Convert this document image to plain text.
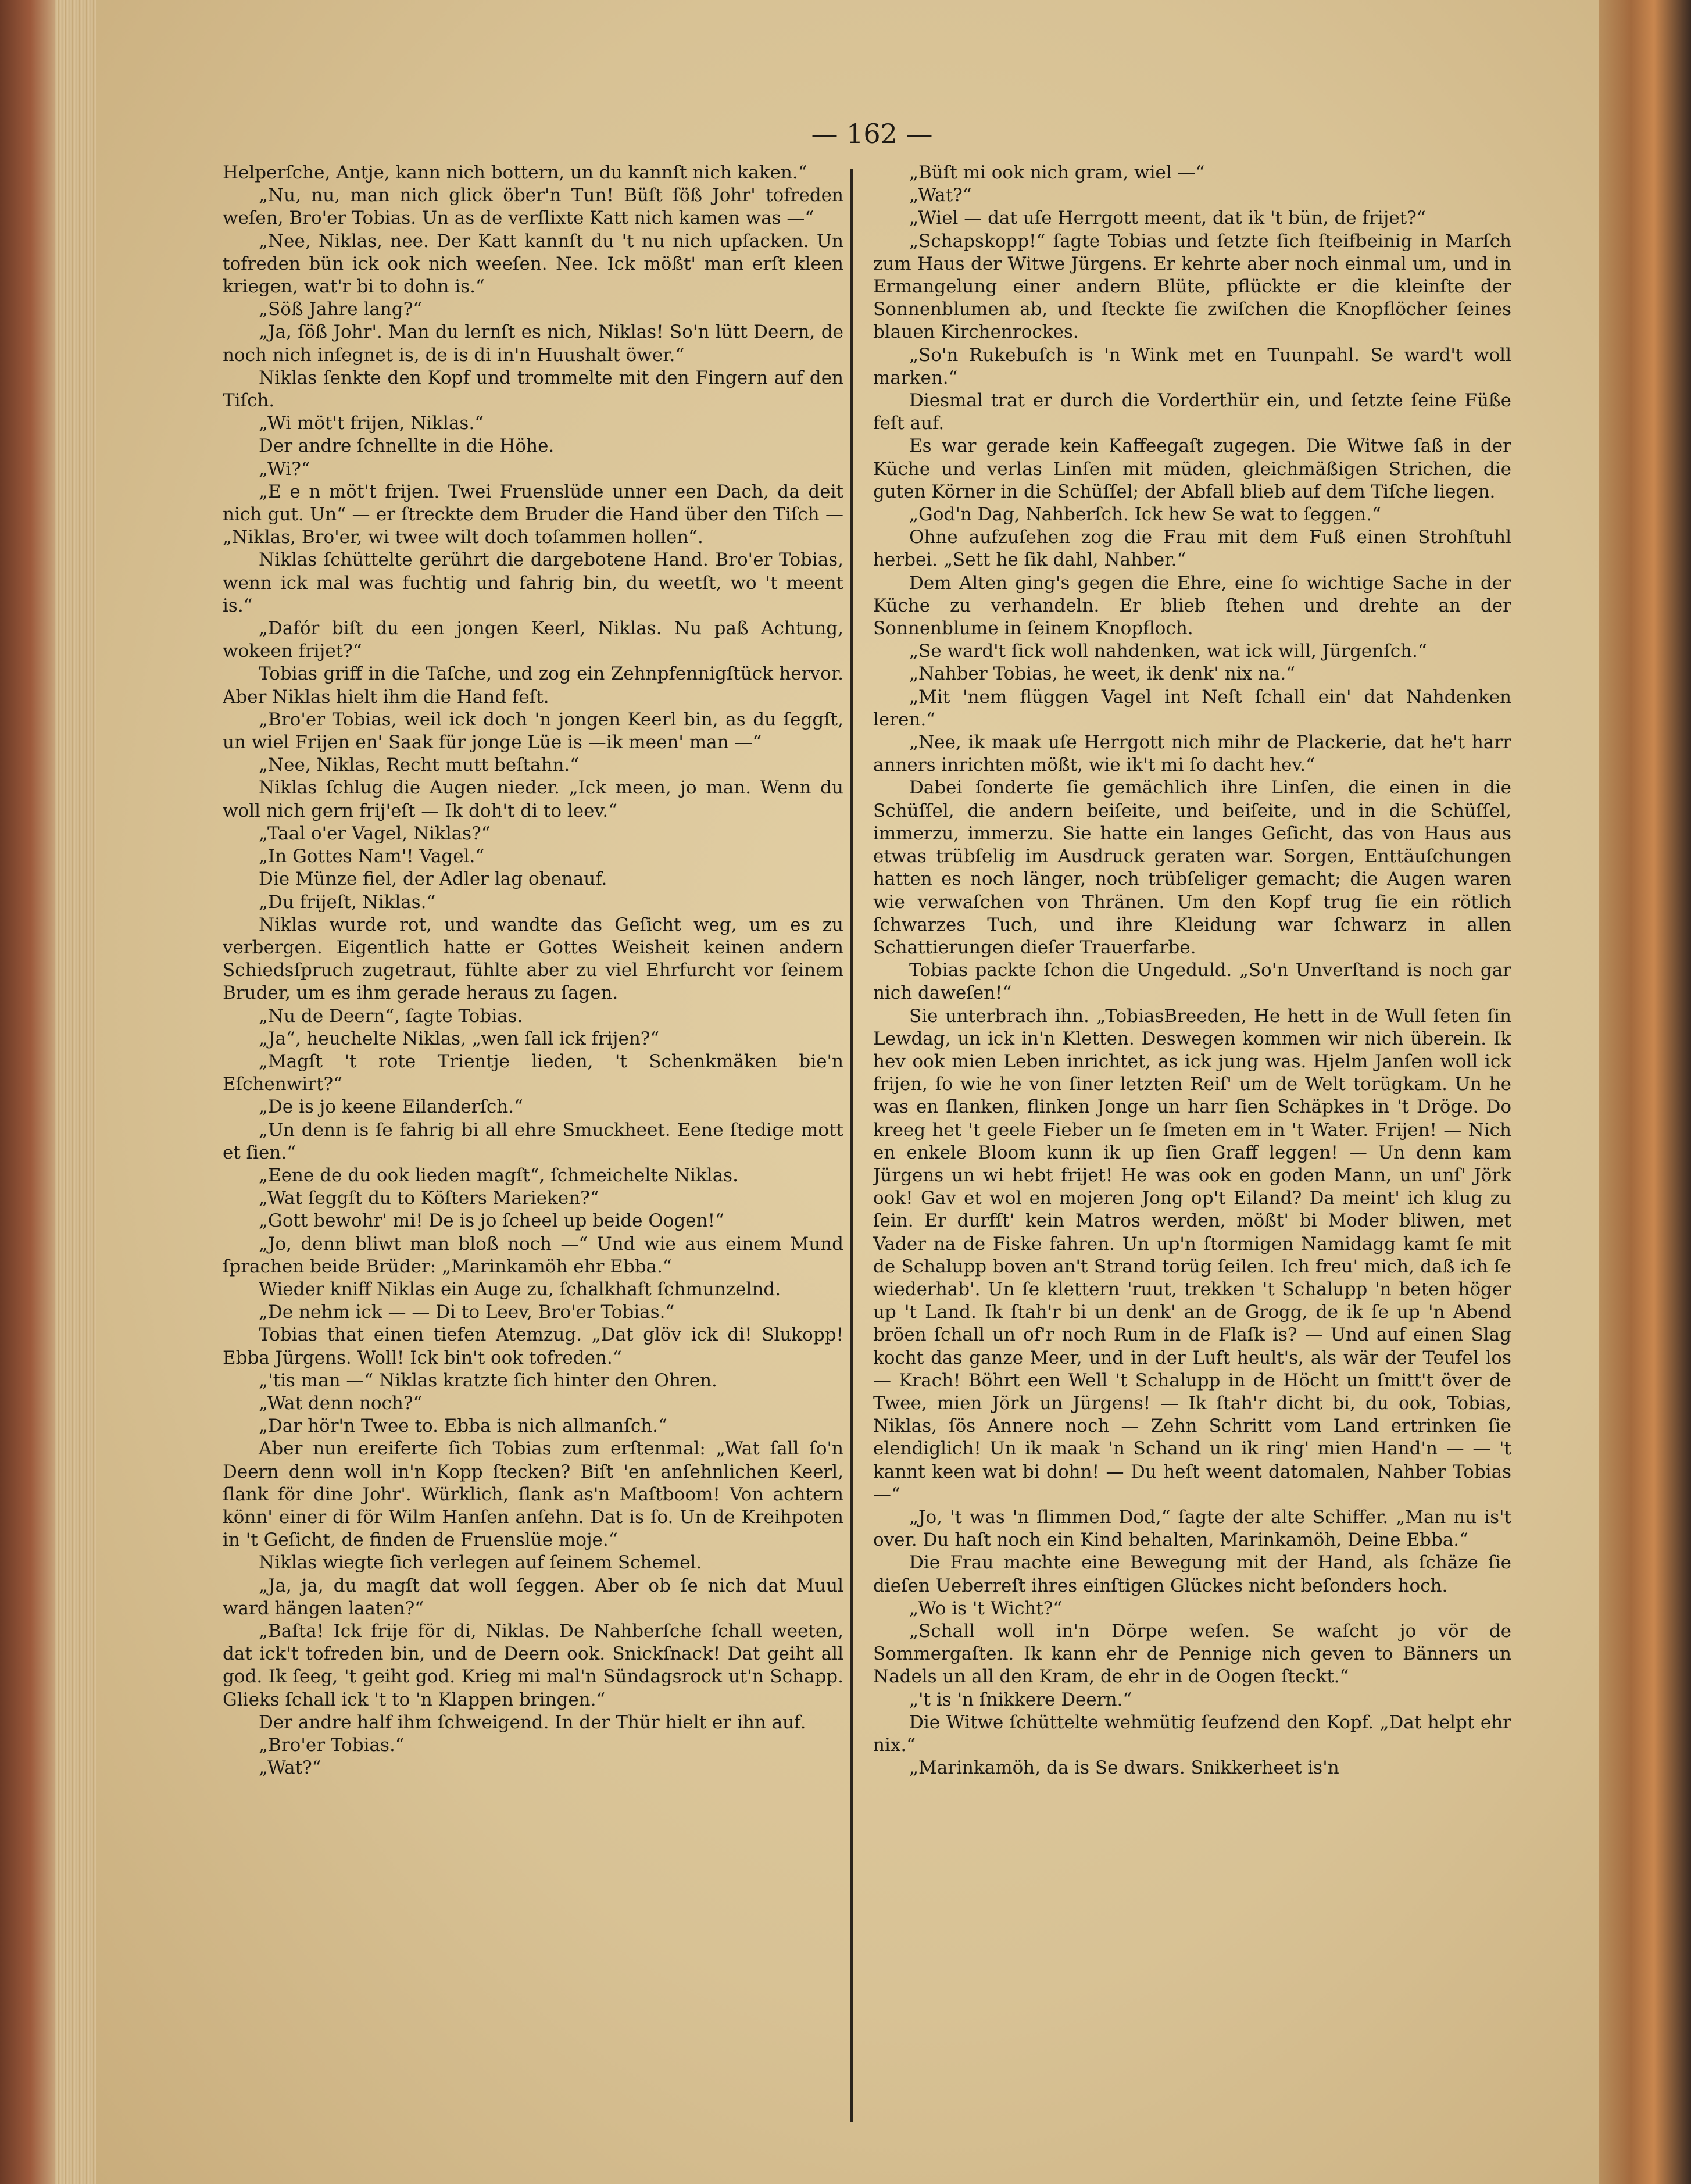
— 162 —

Helperſche, Antje, kann nich bottern, un du kannſt nich kaken.“

„Nu, nu, man nich glick öber'n Tun! Büſt ſöß Johr' tofreden weſen, Bro'er Tobias. Un as de verſlixte Katt nich kamen was —“

„Nee, Niklas, nee. Der Katt kannſt du 't nu nich upſacken. Un tofreden bün ick ook nich weeſen. Nee. Ick mößt' man erſt kleen kriegen, wat'r bi to dohn is.“

„Söß Jahre lang?“

„Ja, ſöß Johr'. Man du lernſt es nich, Niklas! So'n lütt Deern, de noch nich inſegnet is, de is di in'n Huushalt öwer.“

Niklas ſenkte den Kopf und trommelte mit den Fingern auf den Tiſch.

„Wi möt't frijen, Niklas.“

Der andre ſchnellte in die Höhe.

„Wi?“

„E e n möt't frijen. Twei Fruenslüde unner een Dach, da deit nich gut. Un“ — er ſtreckte dem Bruder die Hand über den Tiſch — „Niklas, Bro'er, wi twee wilt doch toſammen hollen“.

Niklas ſchüttelte gerührt die dargebotene Hand. Bro'er Tobias, wenn ick mal was fuchtig und fahrig bin, du weetſt, wo 't meent is.“

„Dafór biſt du een jongen Keerl, Niklas. Nu paß Achtung, wokeen frijet?“

Tobias griff in die Taſche, und zog ein Zehnpfennigſtück hervor. Aber Niklas hielt ihm die Hand feſt.

„Bro'er Tobias, weil ick doch 'n jongen Keerl bin, as du ſeggſt, un wiel Frijen en' Saak für jonge Lüe is —ik meen' man —“

„Nee, Niklas, Recht mutt beſtahn.“

Niklas ſchlug die Augen nieder. „Ick meen, jo man. Wenn du woll nich gern frij'eſt — Ik doh't di to leev.“

„Taal o'er Vagel, Niklas?“

„In Gottes Nam'! Vagel.“

Die Münze fiel, der Adler lag obenauf.

„Du frijeſt, Niklas.“

Niklas wurde rot, und wandte das Geſicht weg, um es zu verbergen. Eigentlich hatte er Gottes Weisheit keinen andern Schiedsſpruch zugetraut, fühlte aber zu viel Ehrfurcht vor ſeinem Bruder, um es ihm gerade heraus zu ſagen.

„Nu de Deern“, ſagte Tobias.

„Ja“, heuchelte Niklas, „wen ſall ick frijen?“

„Magſt 't rote Trientje lieden, 't Schenkmäken bie'n Eſchenwirt?“

„De is jo keene Eilanderſch.“

„Un denn is ſe fahrig bi all ehre Smuckheet. Eene ſtedige mott et ſien.“

„Eene de du ook lieden magſt“, ſchmeichelte Niklas.

„Wat ſeggſt du to Köſters Marieken?“

„Gott bewohr' mi! De is jo ſcheel up beide Oogen!“

„Jo, denn bliwt man bloß noch —“ Und wie aus einem Mund ſprachen beide Brüder: „Marinkamöh ehr Ebba.“

Wieder kniff Niklas ein Auge zu, ſchalkhaft ſchmunzelnd.

„De nehm ick — — Di to Leev, Bro'er Tobias.“

Tobias that einen tiefen Atemzug. „Dat glöv ick di! Slukopp! Ebba Jürgens. Woll! Ick bin't ook tofreden.“

„'tis man —“ Niklas kratzte ſich hinter den Ohren.

„Wat denn noch?“

„Dar hör'n Twee to. Ebba is nich allmanſch.“

Aber nun ereiferte ſich Tobias zum erſtenmal: „Wat ſall ſo'n Deern denn woll in'n Kopp ſtecken? Biſt 'en anſehnlichen Keerl, ſlank för dine Johr'. Würklich, ſlank as'n Maſtboom! Von achtern könn' einer di för Wilm Hanſen anſehn. Dat is ſo. Un de Kreihpoten in 't Geſicht, de finden de Fruenslüe moje.“

Niklas wiegte ſich verlegen auf ſeinem Schemel.

„Ja, ja, du magſt dat woll ſeggen. Aber ob ſe nich dat Muul ward hängen laaten?“

„Baſta! Ick frije för di, Niklas. De Nahberſche ſchall weeten, dat ick't tofreden bin, und de Deern ook. Snickſnack! Dat geiht all god. Ik ſeeg, 't geiht god. Krieg mi mal'n Sündagsrock ut'n Schapp. Glieks ſchall ick 't to 'n Klappen bringen.“

Der andre half ihm ſchweigend. In der Thür hielt er ihn auf.

„Bro'er Tobias.“

„Wat?“

„Büſt mi ook nich gram, wiel —“

„Wat?“

„Wiel — dat uſe Herrgott meent, dat ik 't bün, de frijet?“

„Schapskopp!“ ſagte Tobias und ſetzte ſich ſteifbeinig in Marſch zum Haus der Witwe Jürgens. Er kehrte aber noch einmal um, und in Ermangelung einer andern Blüte, pflückte er die kleinſte der Sonnenblumen ab, und ſteckte ſie zwiſchen die Knopflöcher ſeines blauen Kirchenrockes.

„So'n Rukebuſch is 'n Wink met en Tuunpahl. Se ward't woll marken.“

Diesmal trat er durch die Vorderthür ein, und ſetzte ſeine Füße feſt auf.

Es war gerade kein Kaffeegaſt zugegen. Die Witwe ſaß in der Küche und verlas Linſen mit müden, gleichmäßigen Strichen, die guten Körner in die Schüſſel; der Abfall blieb auf dem Tiſche liegen.

„God'n Dag, Nahberſch. Ick hew Se wat to ſeggen.“

Ohne aufzuſehen zog die Frau mit dem Fuß einen Strohſtuhl herbei. „Sett he ſik dahl, Nahber.“

Dem Alten ging's gegen die Ehre, eine ſo wichtige Sache in der Küche zu verhandeln. Er blieb ſtehen und drehte an der Sonnenblume in ſeinem Knopfloch.

„Se ward't ſick woll nahdenken, wat ick will, Jürgenſch.“

„Nahber Tobias, he weet, ik denk' nix na.“

„Mit 'nem flüggen Vagel int Neſt ſchall ein' dat Nahdenken leren.“

„Nee, ik maak uſe Herrgott nich mihr de Plackerie, dat he't harr anners inrichten mößt, wie ik't mi ſo dacht hev.“

Dabei ſonderte ſie gemächlich ihre Linſen, die einen in die Schüſſel, die andern beiſeite, und beiſeite, und in die Schüſſel, immerzu, immerzu. Sie hatte ein langes Geſicht, das von Haus aus etwas trübſelig im Ausdruck geraten war. Sorgen, Enttäuſchungen hatten es noch länger, noch trübſeliger gemacht; die Augen waren wie verwaſchen von Thränen. Um den Kopf trug ſie ein rötlich ſchwarzes Tuch, und ihre Kleidung war ſchwarz in allen Schattierungen dieſer Trauerfarbe.

Tobias packte ſchon die Ungeduld. „So'n Unverſtand is noch gar nich daweſen!“

Sie unterbrach ihn. „TobiasBreeden, He hett in de Wull ſeten ſin Lewdag, un ick in'n Kletten. Deswegen kommen wir nich überein. Ik hev ook mien Leben inrichtet, as ick jung was. Hjelm Janſen woll ick frijen, ſo wie he von ſiner letzten Reiſ' um de Welt torügkam. Un he was en ſlanken, flinken Jonge un harr ſien Schäpkes in 't Dröge. Do kreeg het 't geele Fieber un ſe ſmeten em in 't Water. Frijen! — Nich en enkele Bloom kunn ik up ſien Graff leggen! — Un denn kam Jürgens un wi hebt frijet! He was ook en goden Mann, un unſ' Jörk ook! Gav et wol en mojeren Jong op't Eiland? Da meint' ich klug zu ſein. Er durfſt' kein Matros werden, mößt' bi Moder bliwen, met Vader na de Fiske fahren. Un up'n ſtormigen Namidagg kamt ſe mit de Schalupp boven an't Strand torüg ſeilen. Ich freu' mich, daß ich ſe wiederhab'. Un ſe klettern 'ruut, trekken 't Schalupp 'n beten höger up 't Land. Ik ſtah'r bi un denk' an de Grogg, de ik ſe up 'n Abend bröen ſchall un of'r noch Rum in de Flaſk is? — Und auf einen Slag kocht das ganze Meer, und in der Luft heult's, als wär der Teufel los — Krach! Böhrt een Well 't Schalupp in de Höcht un ſmitt't över de Twee, mien Jörk un Jürgens! — Ik ſtah'r dicht bi, du ook, Tobias, Niklas, ſös Annere noch — Zehn Schritt vom Land ertrinken ſie elendiglich! Un ik maak 'n Schand un ik ring' mien Hand'n — — 't kannt keen wat bi dohn! — Du heſt weent datomalen, Nahber Tobias —“

„Jo, 't was 'n ſlimmen Dod,“ ſagte der alte Schiffer. „Man nu is't over. Du haſt noch ein Kind behalten, Marinkamöh, Deine Ebba.“

Die Frau machte eine Bewegung mit der Hand, als ſchäze ſie dieſen Ueberreſt ihres einſtigen Glückes nicht beſonders hoch.

„Wo is 't Wicht?“

„Schall woll in'n Dörpe weſen. Se waſcht jo vör de Sommergaſten. Ik kann ehr de Pennige nich geven to Bänners un Nadels un all den Kram, de ehr in de Oogen ſteckt.“

„'t is 'n ſnikkere Deern.“

Die Witwe ſchüttelte wehmütig ſeufzend den Kopf. „Dat helpt ehr nix.“

„Marinkamöh, da is Se dwars. Snikkerheet is'n
